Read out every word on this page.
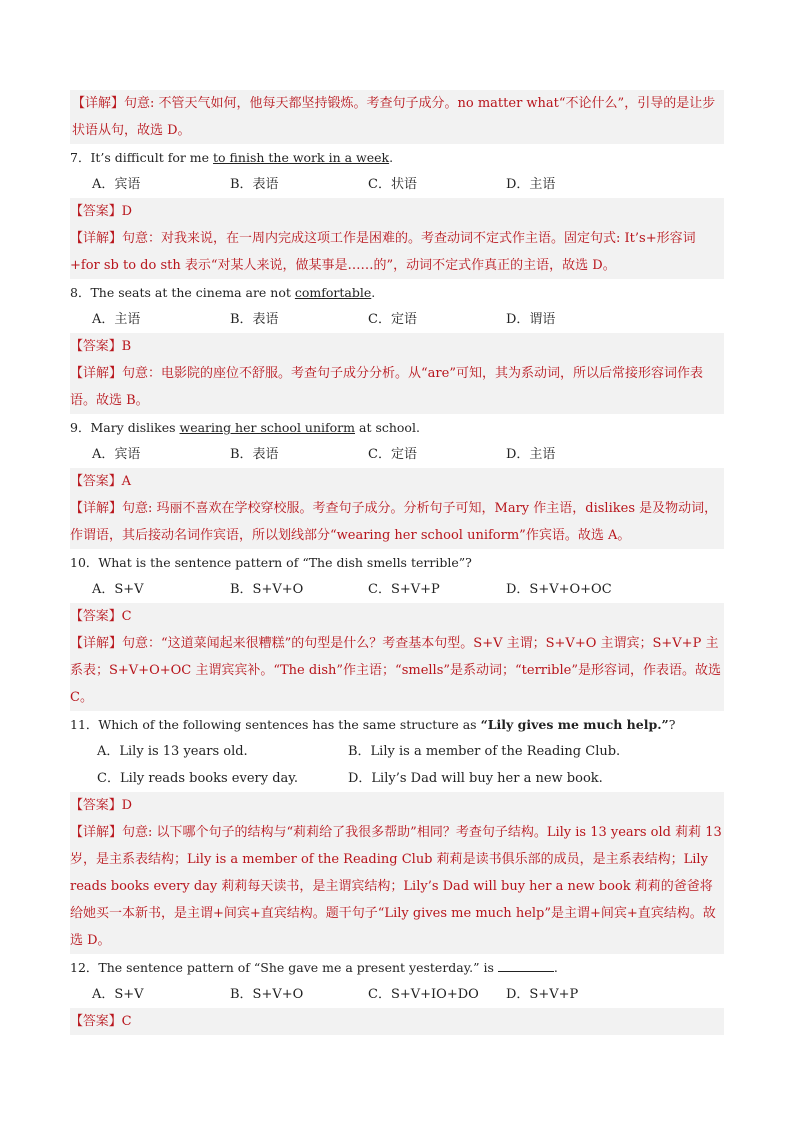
【详解】句意: 不管天气如何，他每天都坚持锻炼。考查句子成分。no matter what“不论什么”，引导的是让步状语从句，故选 D。
7．It’s difficult for me to finish the work in a week.
A．宾语	B．表语	C．状语	D．主语
【答案】D
【详解】句意：对我来说，在一周内完成这项工作是困难的。考查动词不定式作主语。固定句式: It’s+形容词+for sb to do sth 表示“对某人来说，做某事是……的”，动词不定式作真正的主语，故选 D。
8．The seats at the cinema are not comfortable.
A．主语	B．表语	C．定语	D．谓语
【答案】B
【详解】句意：电影院的座位不舒服。考查句子成分分析。从“are”可知，其为系动词，所以后常接形容词作表语。故选 B。
9．Mary dislikes wearing her school uniform at school.
A．宾语	B．表语	C．定语	D．主语
【答案】A
【详解】句意: 玛丽不喜欢在学校穿校服。考查句子成分。分析句子可知，Mary 作主语，dislikes 是及物动词，作谓语，其后接动名词作宾语，所以划线部分“wearing her school uniform”作宾语。故选 A。
10．What is the sentence pattern of “The dish smells terrible”?
A．S+V	B．S+V+O	C．S+V+P	D．S+V+O+OC
【答案】C
【详解】句意：“这道菜闻起来很糟糕”的句型是什么？考查基本句型。S+V 主谓；S+V+O 主谓宾；S+V+P 主系表；S+V+O+OC 主谓宾宾补。“The dish”作主语；“smells”是系动词；“terrible”是形容词，作表语。故选 C。
11．Which of the following sentences has the same structure as “Lily gives me much help.”?
A．Lily is 13 years old.	B．Lily is a member of the Reading Club.
C．Lily reads books every day.	D．Lily’s Dad will buy her a new book.
【答案】D
【详解】句意: 以下哪个句子的结构与“莉莉给了我很多帮助”相同？考查句子结构。Lily is 13 years old 莉莉 13 岁，是主系表结构；Lily is a member of the Reading Club 莉莉是读书俱乐部的成员，是主系表结构；Lily reads books every day 莉莉每天读书，是主谓宾结构；Lily’s Dad will buy her a new book 莉莉的爸爸将给她买一本新书，是主谓+间宾+直宾结构。题干句子“Lily gives me much help”是主谓+间宾+直宾结构。故选 D。
12．The sentence pattern of “She gave me a present yesterday.” is	.
A．S+V	B．S+V+O	C．S+V+IO+DO	D．S+V+P
【答案】C
